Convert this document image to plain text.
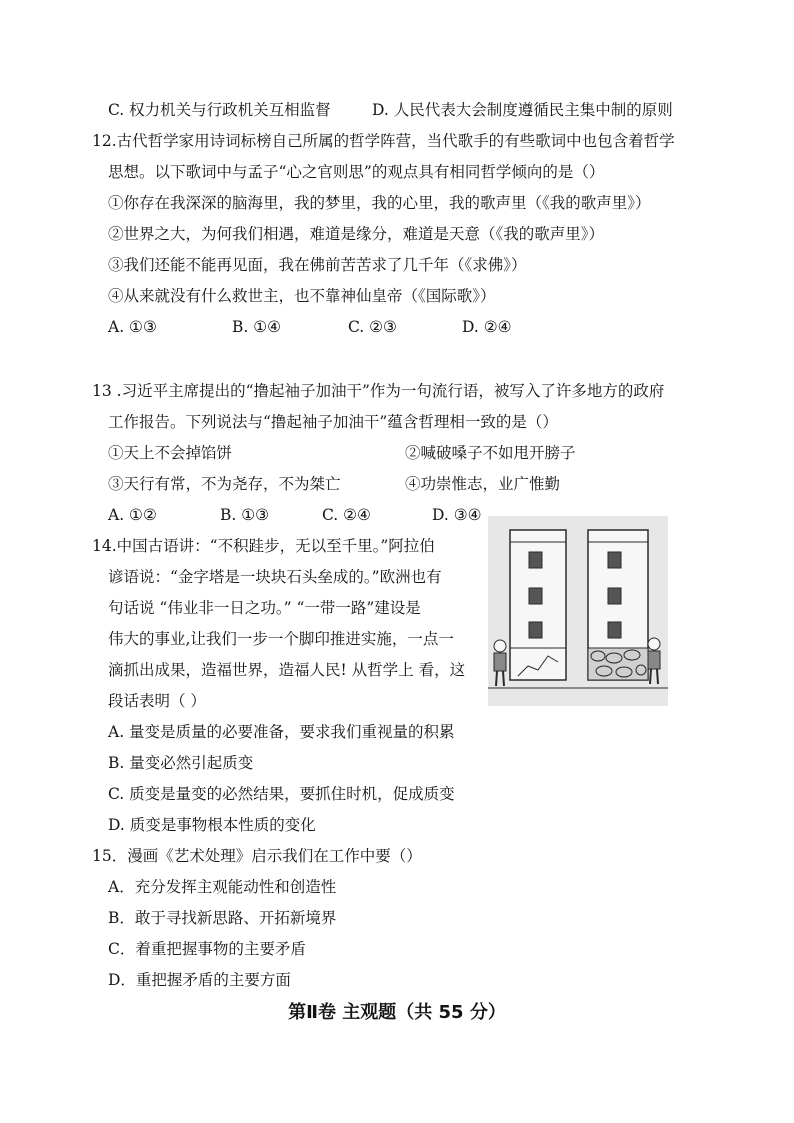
C. 权力机关与行政机关互相监督	D. 人民代表大会制度遵循民主集中制的原则
12.古代哲学家用诗词标榜自己所属的哲学阵营，当代歌手的有些歌词中也包含着哲学
思想。以下歌词中与孟子“心之官则思”的观点具有相同哲学倾向的是（）
①你存在我深深的脑海里，我的梦里，我的心里，我的歌声里（《我的歌声里》）
②世界之大，为何我们相遇，难道是缘分，难道是天意（《我的歌声里》）
③我们还能不能再见面，我在佛前苦苦求了几千年（《求佛》）
④从来就没有什么救世主，也不靠神仙皇帝（《国际歌》）
A. ①③	B. ①④	C. ②③	D. ②④
13 .习近平主席提出的“撸起袖子加油干”作为一句流行语，被写入了许多地方的政府
工作报告。下列说法与“撸起袖子加油干”蕴含哲理相一致的是（）
①天上不会掉馅饼	②喊破嗓子不如甩开膀子
③天行有常，不为尧存，不为桀亡	④功崇惟志，业广惟勤
A. ①②	B. ①③	C. ②④	D. ③④
14.中国古语讲：“不积跬步，无以至千里。”阿拉伯
谚语说：“金字塔是一块块石头垒成的。”欧洲也有
句话说 “伟业非一日之功。” “一带一路”建设是
伟大的事业,让我们一步一个脚印推进实施，一点一
滴抓出成果，造福世界，造福人民! 从哲学上 看，这
段话表明（ ）
A. 量变是质量的必要准备，要求我们重视量的积累
B. 量变必然引起质变
C. 质变是量变的必然结果，要抓住时机，促成质变
D. 质变是事物根本性质的变化
15．漫画《艺术处理》启示我们在工作中要（）
A．充分发挥主观能动性和创造性
B．敢于寻找新思路、开拓新境界
C．着重把握事物的主要矛盾
D．重把握矛盾的主要方面
第Ⅱ卷 主观题（共 55 分）
